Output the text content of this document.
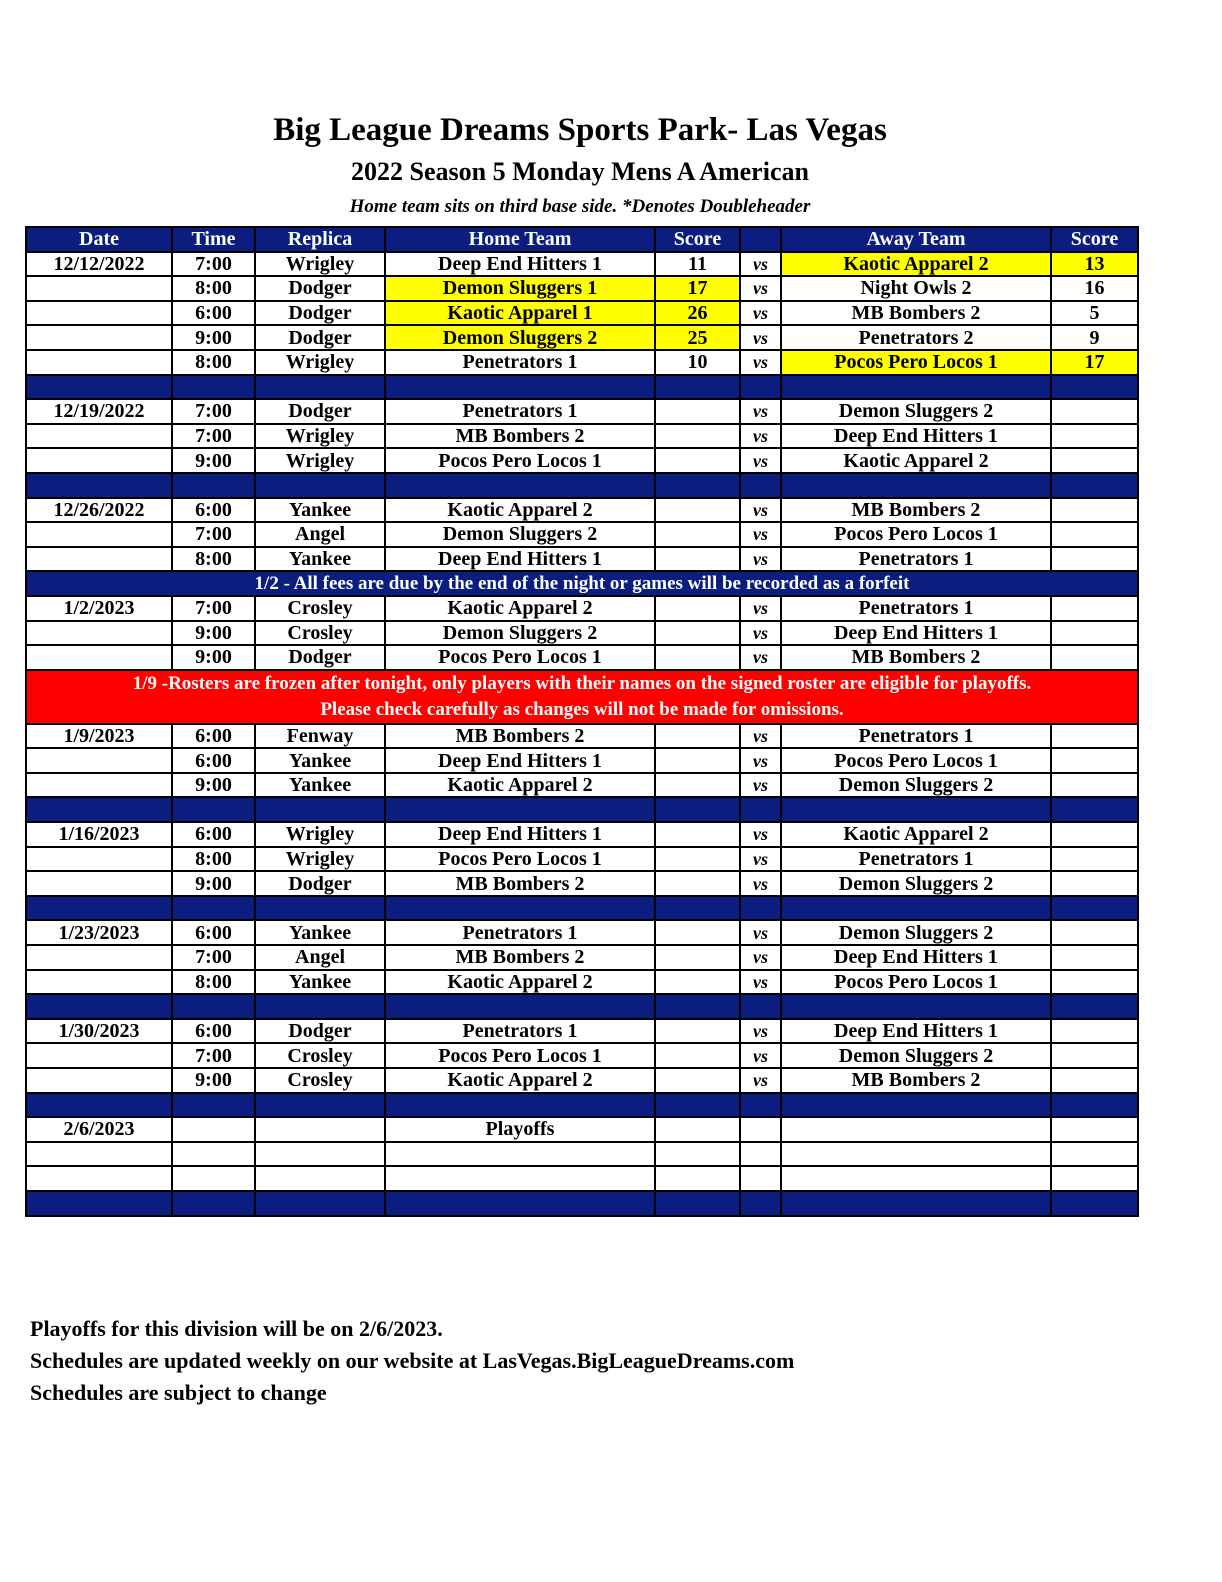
Big League Dreams Sports Park- Las Vegas
2022 Season 5 Monday Mens A American
Home team sits on third base side. *Denotes Doubleheader
Date	Time	Replica	Home Team	Score		Away Team	Score
12/12/2022	7:00	Wrigley	Deep End Hitters 1	11	vs	Kaotic Apparel 2	13
	8:00	Dodger	Demon Sluggers 1	17	vs	Night Owls 2	16
	6:00	Dodger	Kaotic Apparel 1	26	vs	MB Bombers 2	5
	9:00	Dodger	Demon Sluggers 2	25	vs	Penetrators 2	9
	8:00	Wrigley	Penetrators 1	10	vs	Pocos Pero Locos 1	17

12/19/2022	7:00	Dodger	Penetrators 1		vs	Demon Sluggers 2	
	7:00	Wrigley	MB Bombers 2		vs	Deep End Hitters 1	
	9:00	Wrigley	Pocos Pero Locos 1		vs	Kaotic Apparel 2	

12/26/2022	6:00	Yankee	Kaotic Apparel 2		vs	MB Bombers 2	
	7:00	Angel	Demon Sluggers 2		vs	Pocos Pero Locos 1	
	8:00	Yankee	Deep End Hitters 1		vs	Penetrators 1	
1/2 - All fees are due by the end of the night or games will be recorded as a forfeit							
1/2/2023	7:00	Crosley	Kaotic Apparel 2		vs	Penetrators 1	
	9:00	Crosley	Demon Sluggers 2		vs	Deep End Hitters 1	
	9:00	Dodger	Pocos Pero Locos 1		vs	MB Bombers 2	

1/9 -Rosters are frozen after tonight, only players with their names on the signed roster are eligible for playoffs.
Please check carefully as changes will not be made for omissions.							

1/9/2023	6:00	Fenway	MB Bombers 2		vs	Penetrators 1	
	6:00	Yankee	Deep End Hitters 1		vs	Pocos Pero Locos 1	
	9:00	Yankee	Kaotic Apparel 2		vs	Demon Sluggers 2	

1/16/2023	6:00	Wrigley	Deep End Hitters 1		vs	Kaotic Apparel 2	
	8:00	Wrigley	Pocos Pero Locos 1		vs	Penetrators 1	
	9:00	Dodger	MB Bombers 2		vs	Demon Sluggers 2	

1/23/2023	6:00	Yankee	Penetrators 1		vs	Demon Sluggers 2	
	7:00	Angel	MB Bombers 2		vs	Deep End Hitters 1	
	8:00	Yankee	Kaotic Apparel 2		vs	Pocos Pero Locos 1	

1/30/2023	6:00	Dodger	Penetrators 1		vs	Deep End Hitters 1	
	7:00	Crosley	Pocos Pero Locos 1		vs	Demon Sluggers 2	
	9:00	Crosley	Kaotic Apparel 2		vs	MB Bombers 2	

2/6/2023			Playoffs				

Playoffs for this division will be on 2/6/2023.
Schedules are updated weekly on our website at LasVegas.BigLeagueDreams.com
Schedules are subject to change
